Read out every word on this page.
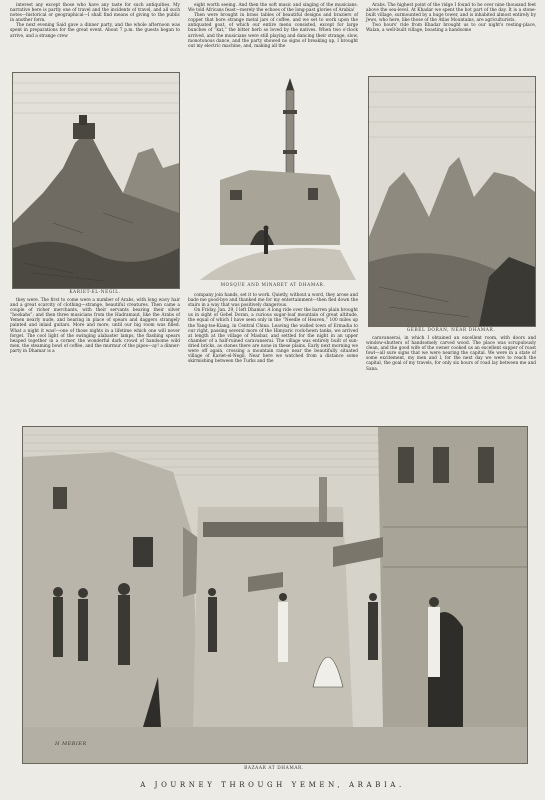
interest any except those who have any taste for such antiquities. My narrative here is partly one of travel and the incidents of travel, and all such notes—historical or geographical—I shall find means of giving to the public in another form.

The next evening Said gave a dinner party, and the whole afternoon was spent in preparations for the great event. About 7 p.m. the guests began to arrive, and a strange crew

eight worth seeing. And then the soft music and singing of the musicians. We told Africans feast—merely the echoes of the long-past glories of Arabia!

Then were brought in brass tables of beautiful designs and braziers of copper that bore strange metal jars of coffee, and we set to work upon the antiquated goat, of which our entire menu consisted, except for large bunches of “kat,” the bitter herb so loved by the natives. When two o'clock arrived, and the musicians were still playing and dancing their strange, slow, monotonous dance, and the party showed no signs of breaking up, I brought out my electric machine, and, making all the

Arabs. The highest point of the ridge I found to be over nine thousand feet above the sea-level. At Khadar we spent the hot part of the day. It is a stone-built village, surmounted by a huge tower, and is inhabited almost entirely by Jews, who here, like those of the Atlas Mountains, are agriculturists.

Two hours' ride from Khadar brought us to our night's resting-place, Walan, a well-built village, boasting a handsome

KARIET-EL-NEGIL.
MOSQUE AND MINARET AT DHAMAR.
GEBEL DORAN, NEAR DHAMAR.

they were. The first to come were a number of Arabs, with long wavy hair and a great scarcity of clothing—strange, beautiful creatures. Then came a couple of richer merchants, with their servants bearing their silver “hookahs”; and then three musicians from the Hadramaut, like the Arabs of Yemen nearly nude, and bearing in place of spears and daggers strangely painted and inlaid guitars. More and more, until our big room was filled. What a night it was!—one of those nights in a lifetime which one will never forget. The cool light of the swinging alabaster lamps, the flashing spears heaped together in a corner, the wonderful dark crowd of handsome wild men, the steaming bowl of coffee, and the murmur of the pipes—ay! a dinner-party in Dhamar is a

company join hands, set it to work. Quietly, without a word, they arose and bade me good-bye and thanked me for my entertainment—then fled down the stairs in a way that was positively dangerous.

On Friday, Jan. 29, I left Dhamar. A long ride over the barren plain brought us in sight of Gebel Doran, a curious sugar-loaf mountain of great altitude, the equal of which I have seen only in the “Needle of Heaven,” 100 miles up the Yang-tse-Kiang, in Central China. Leaving the walled town of Ermadia to our right, passing several more of the Himyaric rock-hewn tanks, we arrived at length at the village of Masbar, and settled for the night in an upper chamber of a half-ruined caravanserai. The village was entirely built of sun-dried bricks, as stones there are none in these plains. Early next morning we were off again, crossing a mountain range near the beautifully situated village of Kariet-el-Negil. Near here we watched from a distance some skirmishing between the Turks and the

caravanserai, in which I obtained an excellent room, with doors and window-shutters of handsomely carved wood. The place was scrupulously clean, and the good wife of the owner cooked us an excellent supper of roast fowl—all sure signs that we were nearing the capital. We were in a state of some excitement, my men and I, for the next day we were to reach the capital, the goal of my travels, for only six hours of road lay between me and Sana.

H MEBIER
BAZAAR AT DHAMAR.
A JOURNEY THROUGH YEMEN, ARABIA.
